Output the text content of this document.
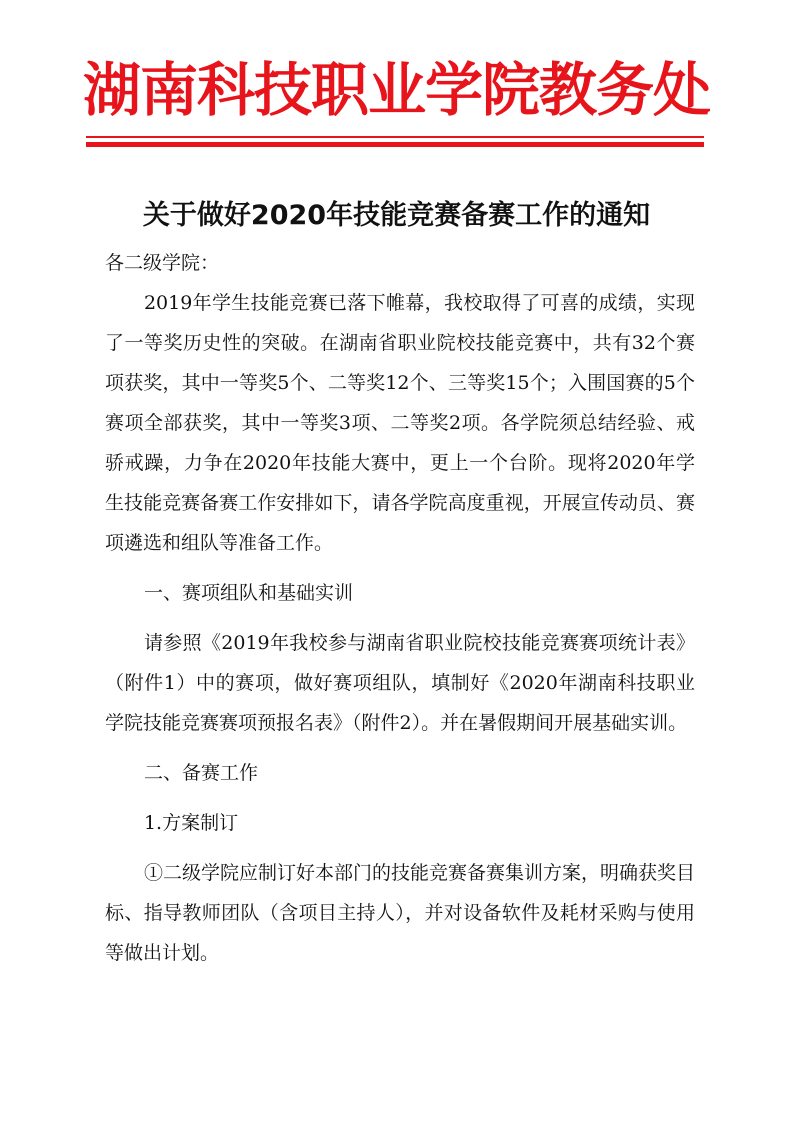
湖南科技职业学院教务处
关于做好2020年技能竞赛备赛工作的通知

各二级学院：

2019年学生技能竞赛已落下帷幕，我校取得了可喜的成绩，实现了一等奖历史性的突破。在湖南省职业院校技能竞赛中，共有32个赛项获奖，其中一等奖5个、二等奖12个、三等奖15个；入围国赛的5个赛项全部获奖，其中一等奖3项、二等奖2项。各学院须总结经验、戒骄戒躁，力争在2020年技能大赛中，更上一个台阶。现将2020年学生技能竞赛备赛工作安排如下，请各学院高度重视，开展宣传动员、赛项遴选和组队等准备工作。

一、赛项组队和基础实训

请参照《2019年我校参与湖南省职业院校技能竞赛赛项统计表》（附件1）中的赛项，做好赛项组队，填制好《2020年湖南科技职业学院技能竞赛赛项预报名表》（附件2）。并在暑假期间开展基础实训。

二、备赛工作

1.方案制订

①二级学院应制订好本部门的技能竞赛备赛集训方案，明确获奖目标、指导教师团队（含项目主持人），并对设备软件及耗材采购与使用等做出计划。
